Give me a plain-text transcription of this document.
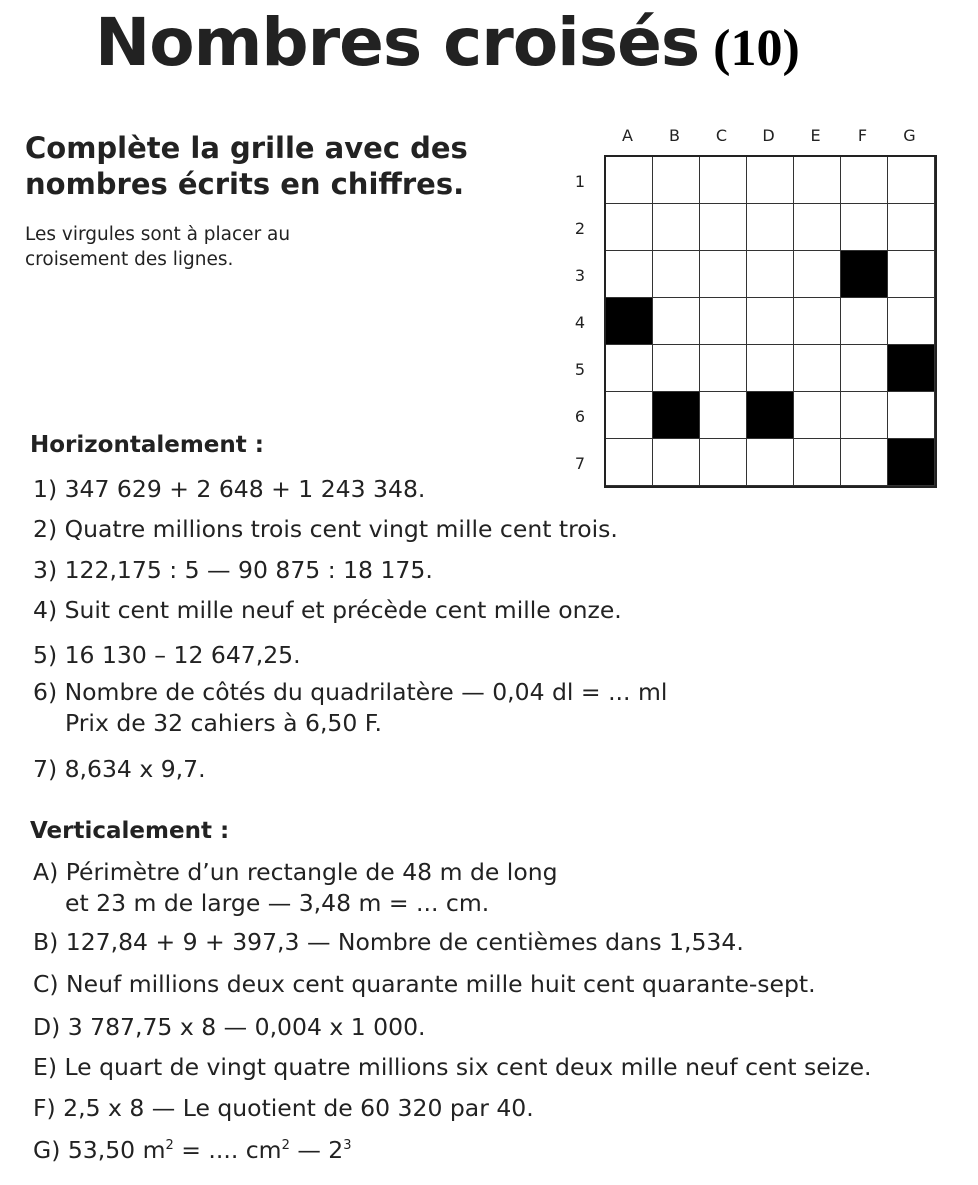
Nombres croisés (10)
Complète la grille avec des nombres écrits en chiffres.
Les virgules sont à placer au croisement des lignes.
A	B	C	D	E	F	G
1
2
3
4
5
6
7
Horizontalement :
1) 347 629 + 2 648 + 1 243 348.
2) Quatre millions trois cent vingt mille cent trois.
3) 122,175 : 5 — 90 875 : 18 175.
4) Suit cent mille neuf et précède cent mille onze.
5) 16 130 – 12 647,25.
6) Nombre de côtés du quadrilatère — 0,04 dl = ... ml
Prix de 32 cahiers à 6,50 F.
7) 8,634 x 9,7.
Verticalement :
A) Périmètre d’un rectangle de 48 m de long
et 23 m de large — 3,48 m = ... cm.
B) 127,84 + 9 + 397,3 — Nombre de centièmes dans 1,534.
C) Neuf millions deux cent quarante mille huit cent quarante-sept.
D) 3 787,75 x 8 — 0,004 x 1 000.
E) Le quart de vingt quatre millions six cent deux mille neuf cent seize.
F) 2,5 x 8 — Le quotient de 60 320 par 40.
G) 53,50 $m^2$ = .... $cm^2$ — $2^3$
